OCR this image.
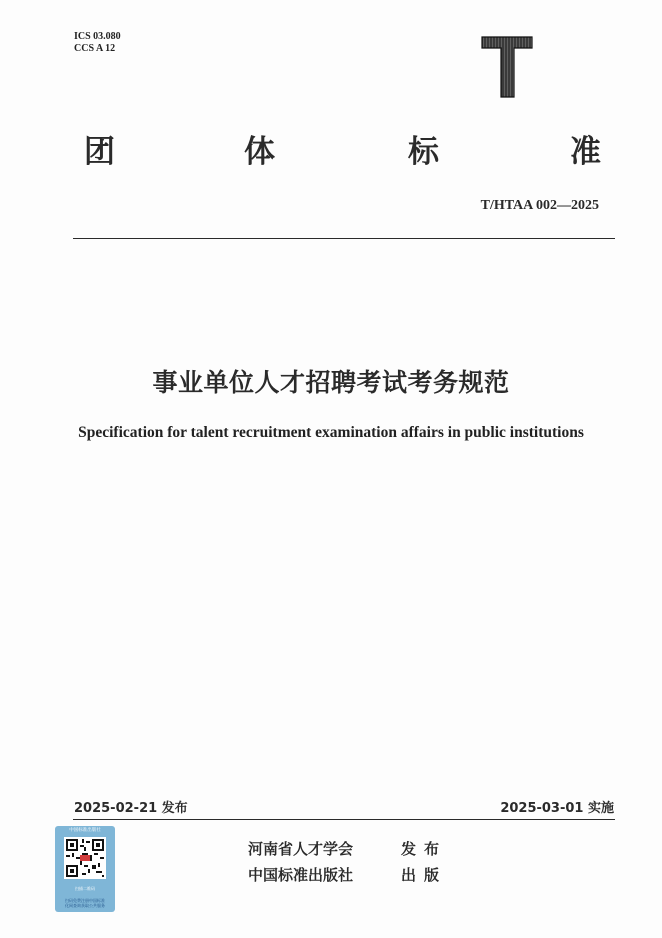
ICS 03.080
CCS A 12
团	体	标	准
T/HTAA 002—2025
事业单位人才招聘考试考务规范
Specification for talent recruitment examination affairs in public institutions
2025-02-21 发布	2025-03-01 实施
河南省人才学会	发布
中国标准出版社	出版
中国标准出版社
扫描二维码
扫码免费注册中国标准
化网查询获取公共服务
